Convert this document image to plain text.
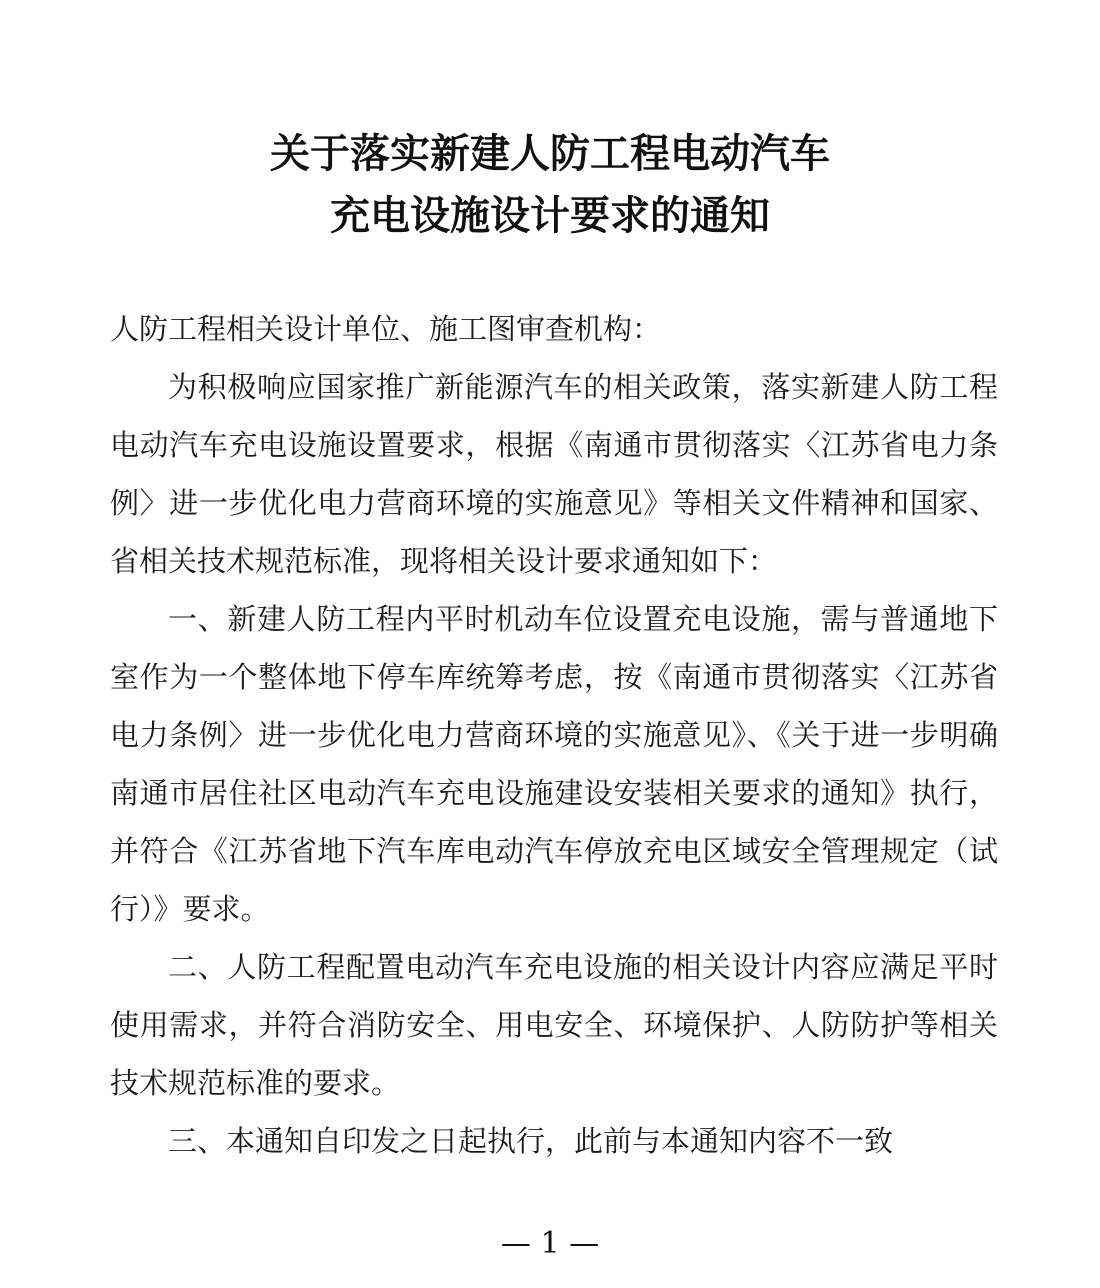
关于落实新建人防工程电动汽车
充电设施设计要求的通知

人防工程相关设计单位、施工图审查机构：

为积极响应国家推广新能源汽车的相关政策，落实新建人防工程电动汽车充电设施设置要求，根据《南通市贯彻落实〈江苏省电力条例〉进一步优化电力营商环境的实施意见》等相关文件精神和国家、省相关技术规范标准，现将相关设计要求通知如下：

一、新建人防工程内平时机动车位设置充电设施，需与普通地下室作为一个整体地下停车库统筹考虑，按《南通市贯彻落实〈江苏省电力条例〉进一步优化电力营商环境的实施意见》、《关于进一步明确南通市居住社区电动汽车充电设施建设安装相关要求的通知》执行，并符合《江苏省地下汽车库电动汽车停放充电区域安全管理规定（试行）》要求。

二、人防工程配置电动汽车充电设施的相关设计内容应满足平时使用需求，并符合消防安全、用电安全、环境保护、人防防护等相关技术规范标准的要求。

三、本通知自印发之日起执行，此前与本通知内容不一致

— 1 —
